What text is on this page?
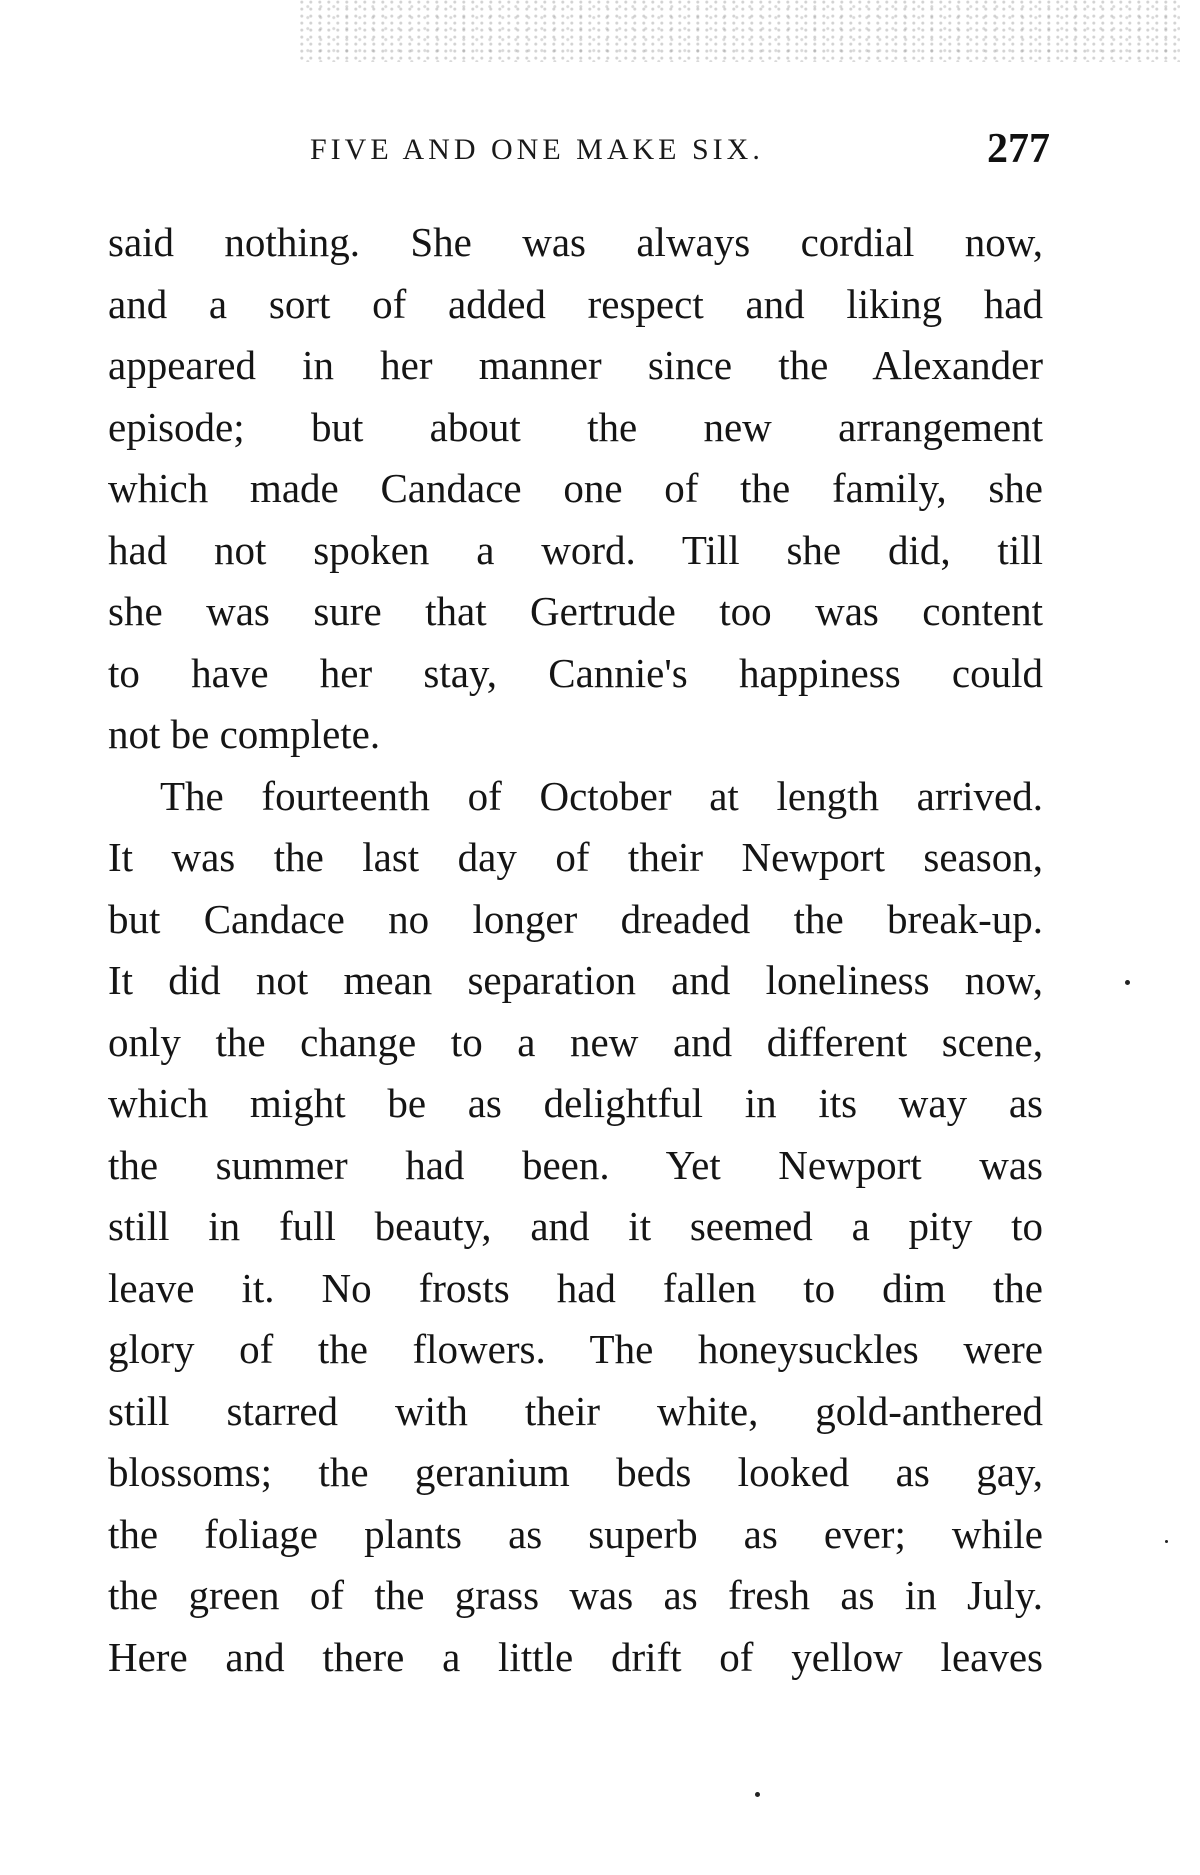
FIVE AND ONE MAKE SIX.	277
said nothing. She was always cordial now,
and a sort of added respect and liking had
appeared in her manner since the Alexander
episode; but about the new arrangement
which made Candace one of the family, she
had not spoken a word. Till she did, till
she was sure that Gertrude too was content
to have her stay, Cannie's happiness could
not be complete.
The fourteenth of October at length arrived.
It was the last day of their Newport season,
but Candace no longer dreaded the break-up.
It did not mean separation and loneliness now,
only the change to a new and different scene,
which might be as delightful in its way as
the summer had been. Yet Newport was
still in full beauty, and it seemed a pity to
leave it. No frosts had fallen to dim the
glory of the flowers. The honeysuckles were
still starred with their white, gold-anthered
blossoms; the geranium beds looked as gay,
the foliage plants as superb as ever; while
the green of the grass was as fresh as in July.
Here and there a little drift of yellow leaves
